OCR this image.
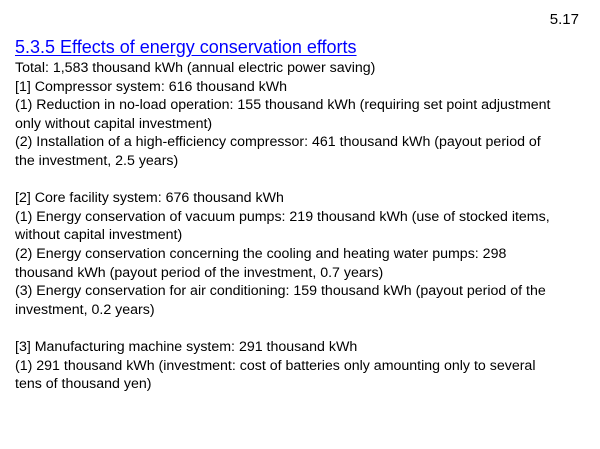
5.17
5.3.5 Effects of energy conservation efforts
Total: 1,583 thousand kWh (annual electric power saving)
[1] Compressor system: 616 thousand kWh
(1) Reduction in no-load operation: 155 thousand kWh (requiring set point adjustment
only without capital investment)
(2) Installation of a high-efficiency compressor: 461 thousand kWh (payout period of
the investment, 2.5 years)
[2] Core facility system: 676 thousand kWh
(1) Energy conservation of vacuum pumps: 219 thousand kWh (use of stocked items,
without capital investment)
(2) Energy conservation concerning the cooling and heating water pumps: 298
thousand kWh (payout period of the investment, 0.7 years)
(3) Energy conservation for air conditioning: 159 thousand kWh (payout period of the
investment, 0.2 years)
[3] Manufacturing machine system: 291 thousand kWh
(1) 291 thousand kWh (investment: cost of batteries only amounting only to several
tens of thousand yen)
